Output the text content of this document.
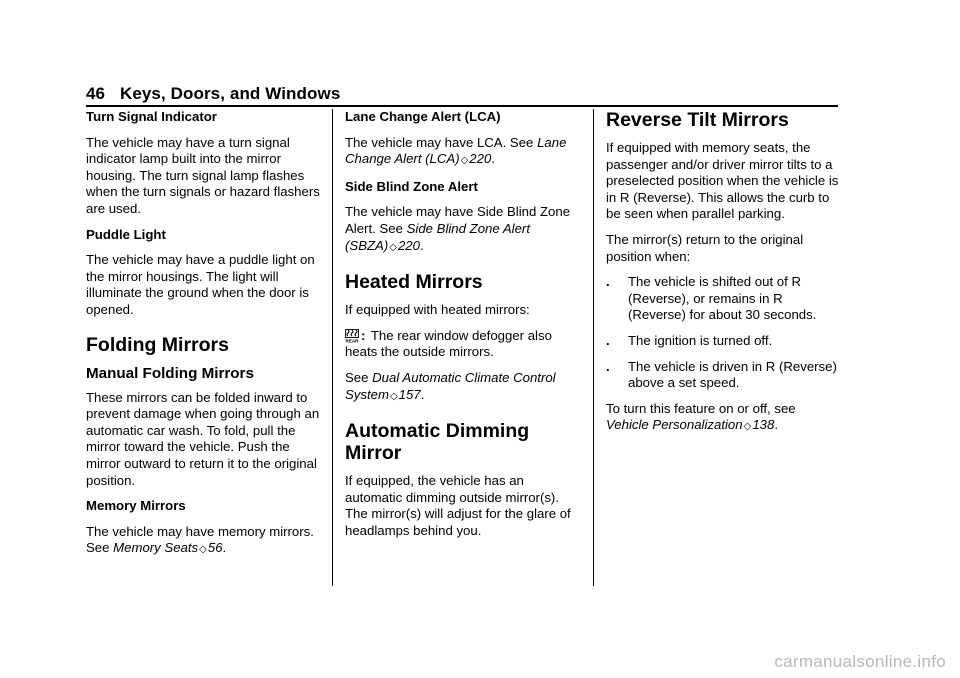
46 Keys, Doors, and Windows
Turn Signal Indicator

The vehicle may have a turn signal indicator lamp built into the mirror housing. The turn signal lamp flashes when the turn signals or hazard flashers are used.

Puddle Light

The vehicle may have a puddle light on the mirror housings. The light will illuminate the ground when the door is opened.

Folding Mirrors
Manual Folding Mirrors

These mirrors can be folded inward to prevent damage when going through an automatic car wash. To fold, pull the mirror toward the vehicle. Push the mirror outward to return it to the original position.

Memory Mirrors

The vehicle may have memory mirrors. See Memory Seats◇56.

Lane Change Alert (LCA)

The vehicle may have LCA. See Lane Change Alert (LCA)◇220.

Side Blind Zone Alert

The vehicle may have Side Blind Zone Alert. See Side Blind Zone Alert (SBZA)◇220.

Heated Mirrors

If equipped with heated mirrors:

REAR : The rear window defogger also heats the outside mirrors.

See Dual Automatic Climate Control System◇157.

Automatic Dimming Mirror

If equipped, the vehicle has an automatic dimming outside mirror(s). The mirror(s) will adjust for the glare of headlamps behind you.

Reverse Tilt Mirrors

If equipped with memory seats, the passenger and/or driver mirror tilts to a preselected position when the vehicle is in R (Reverse). This allows the curb to be seen when parallel parking.

The mirror(s) return to the original position when:

.	The vehicle is shifted out of R (Reverse), or remains in R (Reverse) for about 30 seconds.
.	The ignition is turned off.
.	The vehicle is driven in R (Reverse) above a set speed.

To turn this feature on or off, see Vehicle Personalization◇138.

carmanualsonline.info
